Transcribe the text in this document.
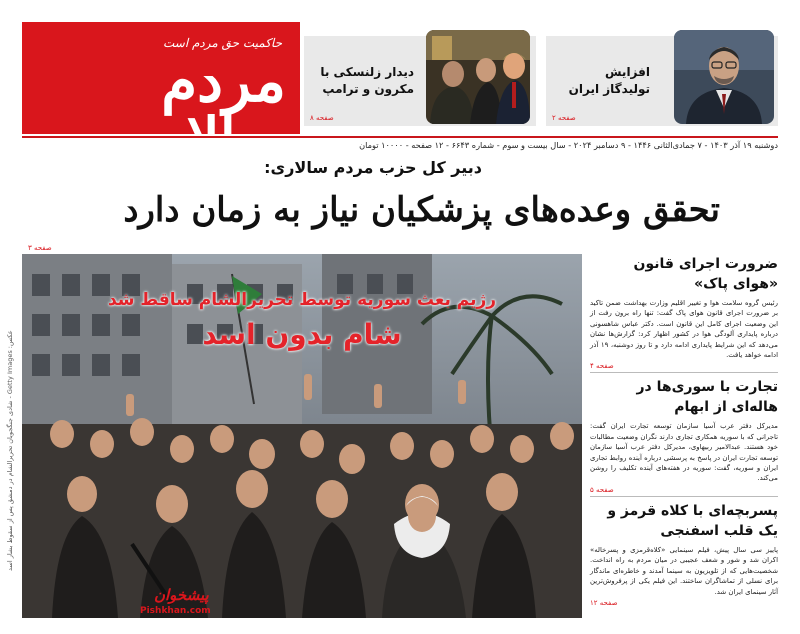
حاکمیت حق مردم است
مردم سالاری
افزایش تولیدگاز ایران
صفحه ۲
دیدار زلنسکی با مکرون و ترامپ
صفحه ۸
دوشنبه ۱۹ آذر ۱۴۰۳ - ۷ جمادی‌الثانی ۱۴۴۶ - ۹ دسامبر ۲۰۲۴ - سال بیست و سوم - شماره ۶۶۴۳ - ۱۲ صفحه - ۱۰۰۰۰ تومان
دبیر کل حزب مردم سالاری:
تحقق وعده‌های پزشکیان نیاز به زمان دارد
صفحه ۳
رژیم بعث سوریه توسط تحریرالشام ساقط شد
شام بدون اسد
پیشخوان
Pishkhan.com
عکس: Getty Images - شادی جنگجویان تحریرالشام در دمشق پس از سقوط بشار اسد
ضرورت اجرای قانون «هوای پاک»

رئیس گروه سلامت هوا و تغییر اقلیم وزارت بهداشت ضمن تاکید بر ضرورت اجرای قانون هوای پاک گفت: تنها راه برون رفت از این وضعیت اجرای کامل این قانون است. دکتر عباس شاهسونی درباره پایداری آلودگی هوا در کشور اظهار کرد: گزارش‌ها نشان می‌دهد که این شرایط پایداری ادامه دارد و تا روز دوشنبه، ۱۹ آذر ادامه خواهد یافت.

صفحه ۴
تجارت با سوری‌ها در هاله‌ای از ابهام

مدیرکل دفتر عرب آسیا سازمان توسعه تجارت ایران گفت: تاجرانی که با سوریه همکاری تجاری دارند نگران وضعیت مطالبات خود هستند. عبدالامیر ربیهاوی، مدیرکل دفتر عرب آسیا سازمان توسعه تجارت ایران در پاسخ به پرسشی درباره آینده روابط تجاری ایران و سوریه، گفت: سوریه در هفته‌های آینده تکلیف را روشن می‌کند.

صفحه ۵
پسربچه‌ای با کلاه قرمز و یک قلب اسفنجی

پاییز سی سال پیش، فیلم سینمایی «کلاه‌قرمزی و پسرخاله» اکران شد و شور و شعف عجیبی در میان مردم به راه انداخت. شخصیت‌هایی که از تلویزیون به سینما آمدند و خاطره‌ای ماندگار برای نسلی از تماشاگران ساختند. این فیلم یکی از پرفروش‌ترین آثار سینمای ایران شد.

صفحه ۱۲
